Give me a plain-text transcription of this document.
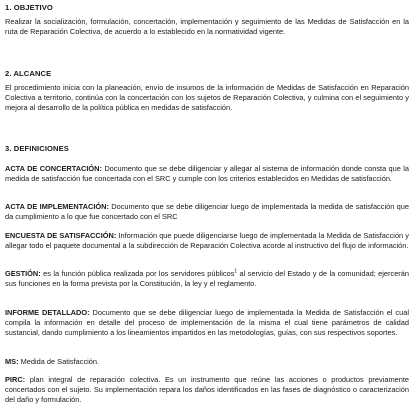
1. OBJETIVO
Realizar la socialización, formulación, concertación, implementación y seguimiento de las Medidas de Satisfacción en la ruta de Reparación Colectiva, de acuerdo a lo establecido en la normatividad vigente.
2. ALCANCE
El procedimiento inicia con la planeación, envío de insumos de la información de Medidas de Satisfacción en Reparación Colectiva a territorio, continúa con la concertación con los sujetos de Reparación Colectiva, y culmina con el seguimiento y mejora al desarrollo de la política pública en medidas de satisfacción.
3. DEFINICIONES
ACTA DE CONCERTACIÓN: Documento que se debe diligenciar y allegar al sistema de información donde consta que la medida de satisfacción fue concertada con el SRC y cumple con los criterios establecidos en Medidas de satisfacción.
ACTA DE IMPLEMENTACIÓN: Documento que se debe diligenciar luego de implementada la medida de satisfacción que da cumplimiento a lo que fue concertado con el SRC
ENCUESTA DE SATISFACCIÓN: Información que puede diligenciarse luego de implementada la Medida de Satisfacción y allegar todo el paquete documental a la subdirección de Reparación Colectiva acorde al instructivo del flujo de información.
GESTIÓN: es la función pública realizada por los servidores públicos$^1$ al servicio del Estado y de la comunidad; ejercerán sus funciones en la forma prevista por la Constitución, la ley y el reglamento.
INFORME DETALLADO: Documento que se debe diligenciar luego de implementada la Medida de Satisfacción el cual compila la información en detalle del proceso de implementación de la misma el cual tiene parámetros de calidad sustancial, dando cumplimiento a los lineamientos impartidos en las metodologías, guías, con sus respectivos soportes.
MS: Medida de Satisfacción.
PIRC: plan integral de reparación colectiva. Es un instrumento que reúne las acciones o productos previamente concertados con el sujeto. Su implementación repara los daños identificados en las fases de diagnóstico o caracterización del daño y formulación.
